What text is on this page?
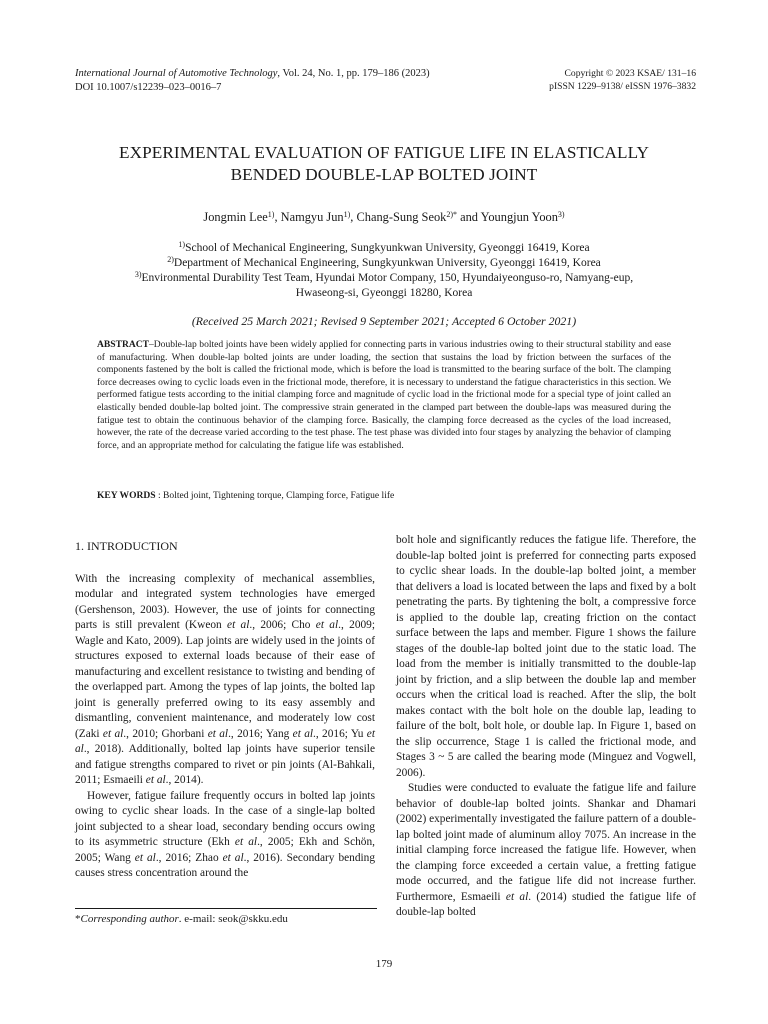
International Journal of Automotive Technology, Vol. 24, No. 1, pp. 179–186 (2023)
DOI 10.1007/s12239–023–0016–7
Copyright © 2023 KSAE/ 131–16
pISSN 1229–9138/ eISSN 1976–3832
EXPERIMENTAL EVALUATION OF FATIGUE LIFE IN ELASTICALLY
BENDED DOUBLE-LAP BOLTED JOINT
Jongmin Lee$^{1)}$, Namgyu Jun$^{1)}$, Chang-Sung Seok$^{2)*}$ and Youngjun Yoon$^{3)}$
$^{1)}$School of Mechanical Engineering, Sungkyunkwan University, Gyeonggi 16419, Korea
$^{2)}$Department of Mechanical Engineering, Sungkyunkwan University, Gyeonggi 16419, Korea
$^{3)}$Environmental Durability Test Team, Hyundai Motor Company, 150, Hyundaiyeonguso-ro, Namyang-eup,
Hwaseong-si, Gyeonggi 18280, Korea
(Received 25 March 2021; Revised 9 September 2021; Accepted 6 October 2021)
ABSTRACT–Double-lap bolted joints have been widely applied for connecting parts in various industries owing to their structural stability and ease of manufacturing. When double-lap bolted joints are under loading, the section that sustains the load by friction between the surfaces of the components fastened by the bolt is called the frictional mode, which is before the load is transmitted to the bearing surface of the bolt. The clamping force decreases owing to cyclic loads even in the frictional mode, therefore, it is necessary to understand the fatigue characteristics in this section. We performed fatigue tests according to the initial clamping force and magnitude of cyclic load in the frictional mode for a special type of joint called an elastically bended double-lap bolted joint. The compressive strain generated in the clamped part between the double-laps was measured during the fatigue test to obtain the continuous behavior of the clamping force. Basically, the clamping force decreased as the cycles of the load increased, however, the rate of the decrease varied according to the test phase. The test phase was divided into four stages by analyzing the behavior of clamping force, and an appropriate method for calculating the fatigue life was established.
KEY WORDS : Bolted joint, Tightening torque, Clamping force, Fatigue life
1. INTRODUCTION

With the increasing complexity of mechanical assemblies, modular and integrated system technologies have emerged (Gershenson, 2003). However, the use of joints for connecting parts is still prevalent (Kweon et al., 2006; Cho et al., 2009; Wagle and Kato, 2009). Lap joints are widely used in the joints of structures exposed to external loads because of their ease of manufacturing and excellent resistance to twisting and bending of the overlapped part. Among the types of lap joints, the bolted lap joint is generally preferred owing to its easy assembly and dismantling, convenient maintenance, and moderately low cost (Zaki et al., 2010; Ghorbani et al., 2016; Yang et al., 2016; Yu et al., 2018). Additionally, bolted lap joints have superior tensile and fatigue strengths compared to rivet or pin joints (Al-Bahkali, 2011; Esmaeili et al., 2014).

However, fatigue failure frequently occurs in bolted lap joints owing to cyclic shear loads. In the case of a single-lap bolted joint subjected to a shear load, secondary bending occurs owing to its asymmetric structure (Ekh et al., 2005; Ekh and Schön, 2005; Wang et al., 2016; Zhao et al., 2016). Secondary bending causes stress concentration around the

bolt hole and significantly reduces the fatigue life. Therefore, the double-lap bolted joint is preferred for connecting parts exposed to cyclic shear loads. In the double-lap bolted joint, a member that delivers a load is located between the laps and fixed by a bolt penetrating the parts. By tightening the bolt, a compressive force is applied to the double lap, creating friction on the contact surface between the laps and member. Figure 1 shows the failure stages of the double-lap bolted joint due to the static load. The load from the member is initially transmitted to the double-lap joint by friction, and a slip between the double lap and member occurs when the critical load is reached. After the slip, the bolt makes contact with the bolt hole on the double lap, leading to failure of the bolt, bolt hole, or double lap. In Figure 1, based on the slip occurrence, Stage 1 is called the frictional mode, and Stages 3 ~ 5 are called the bearing mode (Minguez and Vogwell, 2006).

Studies were conducted to evaluate the fatigue life and failure behavior of double-lap bolted joints. Shankar and Dhamari (2002) experimentally investigated the failure pattern of a double-lap bolted joint made of aluminum alloy 7075. An increase in the initial clamping force increased the fatigue life. However, when the clamping force exceeded a certain value, a fretting fatigue mode occurred, and the fatigue life did not increase further. Furthermore, Esmaeili et al. (2014) studied the fatigue life of double-lap bolted

*Corresponding author. e-mail: seok@skku.edu
179
